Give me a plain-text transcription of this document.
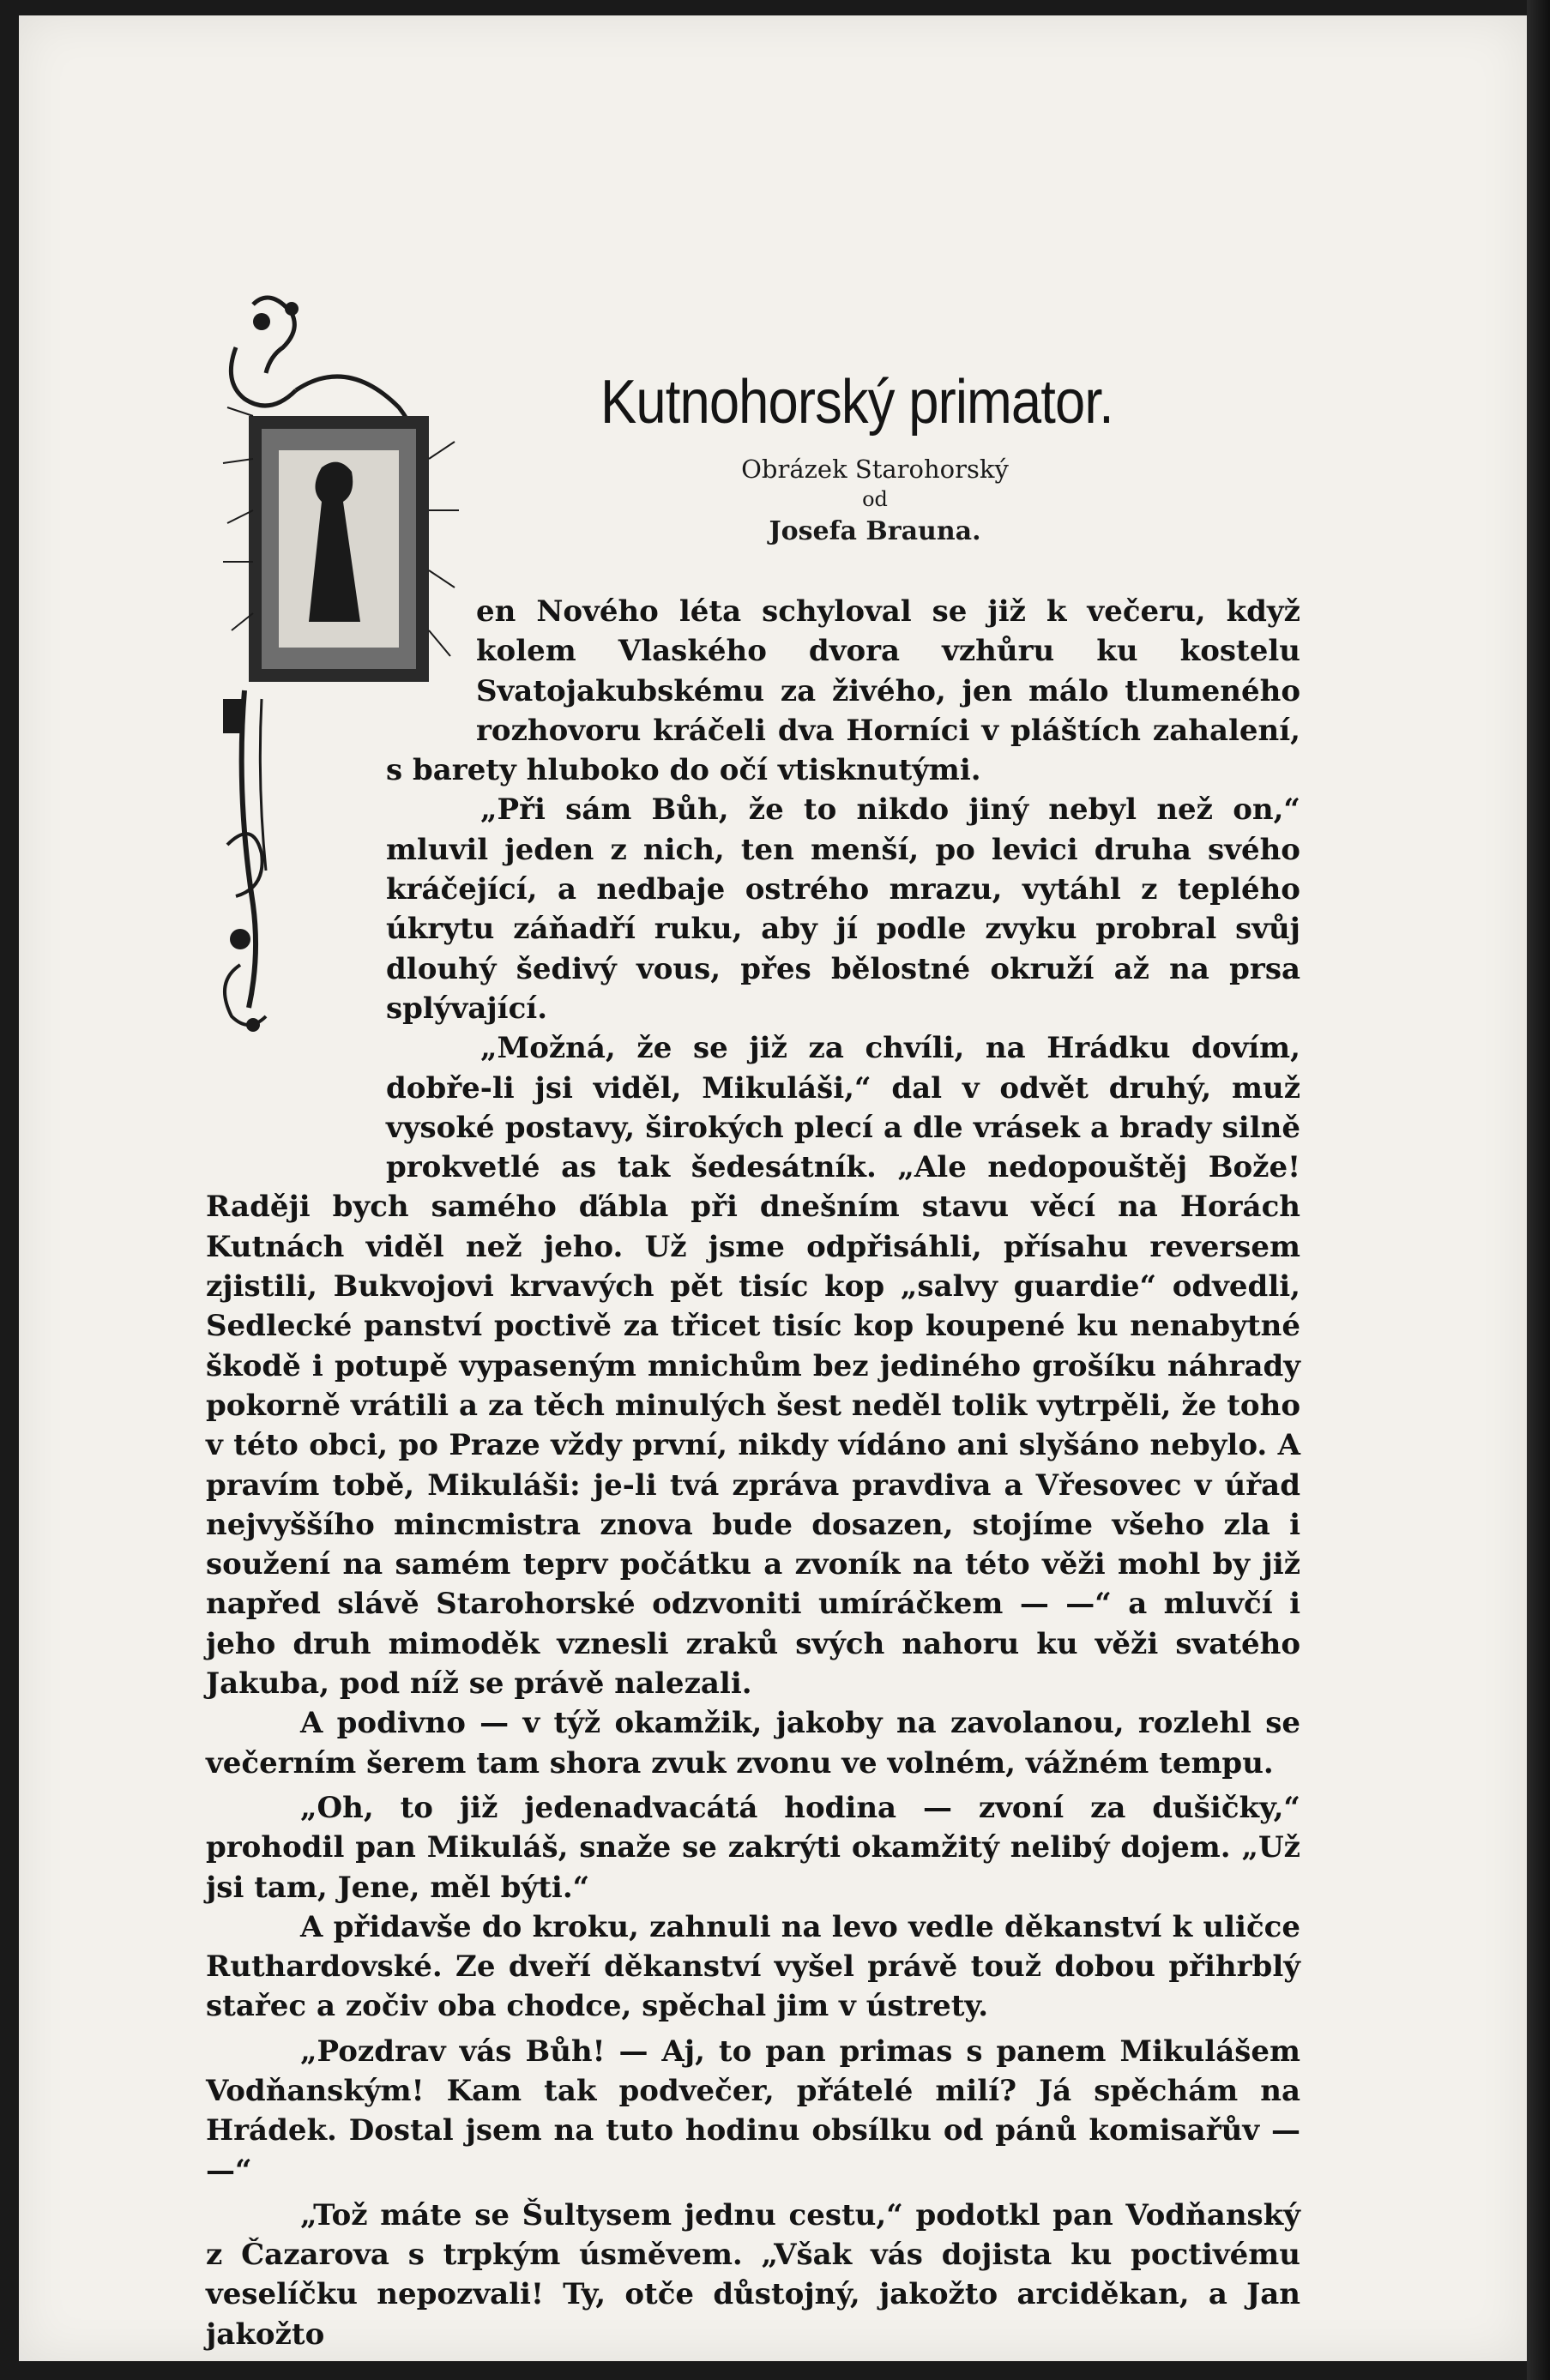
Kutnohorský primator.
Obrázek Starohorský
od
Josefa Brauna.

en Nového léta schyloval se již k večeru, když kolem Vlaského dvora vzhůru ku kostelu Svatojakubskému za živého, jen málo tlumeného rozhovoru kráčeli dva Horníci v pláštích zahalení, s barety hluboko do očí vtisknutými.

„Při sám Bůh, že to nikdo jiný nebyl než on,“ mluvil jeden z nich, ten menší, po levici druha svého kráčející, a nedbaje ostrého mrazu, vytáhl z teplého úkrytu záňadří ruku, aby jí podle zvyku probral svůj dlouhý šedivý vous, přes bělostné okruží až na prsa splývající.

„Možná, že se již za chvíli, na Hrádku dovím, dobře-li jsi viděl, Mikuláši,“ dal v odvět druhý, muž vysoké postavy, širokých plecí a dle vrásek a brady silně prokvetlé as tak šedesátník. „Ale nedopouštěj Bože! Raději bych samého ďábla při dnešním stavu věcí na Horách Kutnách viděl než jeho. Už jsme odpřisáhli, přísahu reversem zjistili, Bukvojovi krvavých pět tisíc kop „salvy guardie“ odvedli, Sedlecké panství poctivě za třicet tisíc kop koupené ku nenabytné škodě i potupě vypaseným mnichům bez jediného grošíku náhrady pokorně vrátili a za těch minulých šest neděl tolik vytrpěli, že toho v této obci, po Praze vždy první, nikdy vídáno ani slyšáno nebylo. A pravím tobě, Mikuláši: je-li tvá zpráva pravdiva a Vřesovec v úřad nejvyššího mincmistra znova bude dosazen, stojíme všeho zla i soužení na samém teprv počátku a zvoník na této věži mohl by již napřed slávě Starohorské odzvoniti umíráčkem — —“ a mluvčí i jeho druh mimoděk vznesli zraků svých nahoru ku věži svatého Jakuba, pod níž se právě nalezali.

A podivno — v týž okamžik, jakoby na zavolanou, rozlehl se večerním šerem tam shora zvuk zvonu ve volném, vážném tempu.

„Oh, to již jedenadvacátá hodina — zvoní za dušičky,“ prohodil pan Mikuláš, snaže se zakrýti okamžitý nelibý dojem. „Už jsi tam, Jene, měl býti.“

A přidavše do kroku, zahnuli na levo vedle děkanství k uličce Ruthardovské. Ze dveří děkanství vyšel právě touž dobou přihrblý stařec a zočiv oba chodce, spěchal jim v ústrety.

„Pozdrav vás Bůh! — Aj, to pan primas s panem Mikulášem Vodňanským! Kam tak podvečer, přátelé milí? Já spěchám na Hrádek. Dostal jsem na tuto hodinu obsílku od pánů komisařův — —“

„Tož máte se Šultysem jednu cestu,“ podotkl pan Vodňanský z Čazarova s trpkým úsměvem. „Však vás dojista ku poctivému veselíčku nepozvali! Ty, otče důstojný, jakožto arciděkan, a Jan jakožto
